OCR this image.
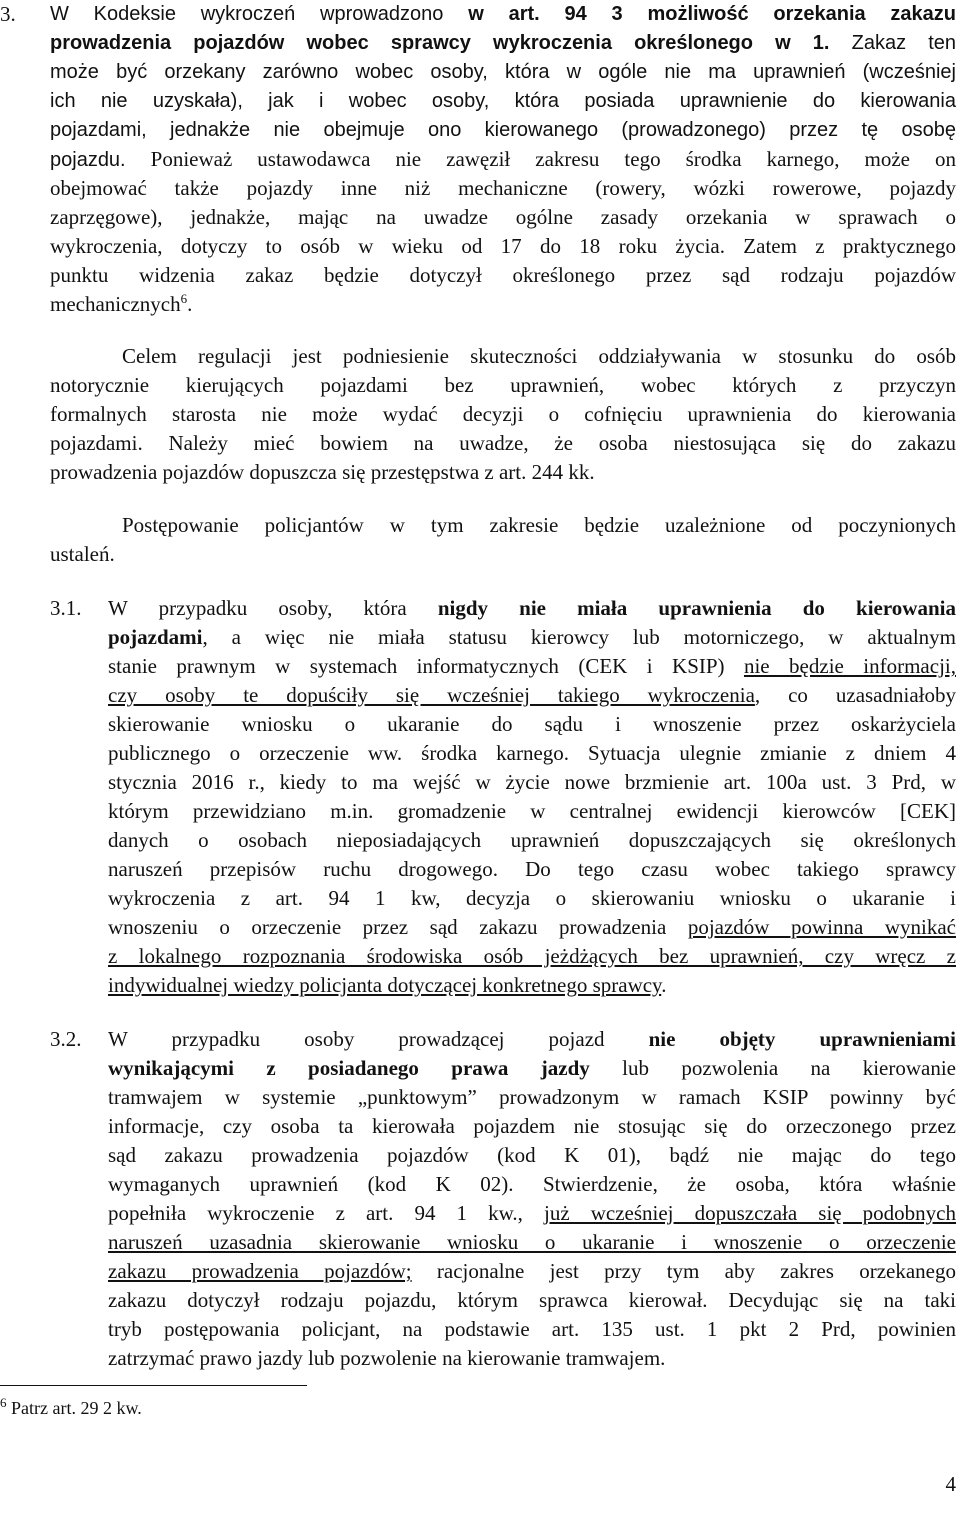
3. W Kodeksie wykroczeń wprowadzono w art. 94 3 możliwość orzekania zakazu
prowadzenia pojazdów wobec sprawcy wykroczenia określonego w 1. Zakaz ten
może być orzekany zarówno wobec osoby, która w ogóle nie ma uprawnień (wcześniej
ich nie uzyskała), jak i wobec osoby, która posiada uprawnienie do kierowania
pojazdami, jednakże nie obejmuje ono kierowanego (prowadzonego) przez tę osobę
pojazdu. Ponieważ ustawodawca nie zawęził zakresu tego środka karnego, może on
obejmować także pojazdy inne niż mechaniczne (rowery, wózki rowerowe, pojazdy
zaprzęgowe), jednakże, mając na uwadze ogólne zasady orzekania w sprawach o
wykroczenia, dotyczy to osób w wieku od 17 do 18 roku życia. Zatem z praktycznego
punktu widzenia zakaz będzie dotyczył określonego przez sąd rodzaju pojazdów
mechanicznych$^6$.
Celem regulacji jest podniesienie skuteczności oddziaływania w stosunku do osób
notorycznie kierujących pojazdami bez uprawnień, wobec których z przyczyn
formalnych starosta nie może wydać decyzji o cofnięciu uprawnienia do kierowania
pojazdami. Należy mieć bowiem na uwadze, że osoba niestosująca się do zakazu
prowadzenia pojazdów dopuszcza się przestępstwa z art. 244 kk.
Postępowanie policjantów w tym zakresie będzie uzależnione od poczynionych
ustaleń.
3.1. W przypadku osoby, która nigdy nie miała uprawnienia do kierowania
pojazdami, a więc nie miała statusu kierowcy lub motorniczego, w aktualnym
stanie prawnym w systemach informatycznych (CEK i KSIP) nie będzie informacji,
czy osoby te dopuściły się wcześniej takiego wykroczenia, co uzasadniałoby
skierowanie wniosku o ukaranie do sądu i wnoszenie przez oskarżyciela
publicznego o orzeczenie ww. środka karnego. Sytuacja ulegnie zmianie z dniem 4
stycznia 2016 r., kiedy to ma wejść w życie nowe brzmienie art. 100a ust. 3 Prd, w
którym przewidziano m.in. gromadzenie w centralnej ewidencji kierowców [CEK]
danych o osobach nieposiadających uprawnień dopuszczających się określonych
naruszeń przepisów ruchu drogowego. Do tego czasu wobec takiego sprawcy
wykroczenia z art. 94 1 kw, decyzja o skierowaniu wniosku o ukaranie i
wnoszeniu o orzeczenie przez sąd zakazu prowadzenia pojazdów powinna wynikać
z lokalnego rozpoznania środowiska osób jeżdżących bez uprawnień, czy wręcz z
indywidualnej wiedzy policjanta dotyczącej konkretnego sprawcy.
3.2. W przypadku osoby prowadzącej pojazd nie objęty uprawnieniami
wynikającymi z posiadanego prawa jazdy lub pozwolenia na kierowanie
tramwajem w systemie „punktowym” prowadzonym w ramach KSIP powinny być
informacje, czy osoba ta kierowała pojazdem nie stosując się do orzeczonego przez
sąd zakazu prowadzenia pojazdów (kod K 01), bądź nie mając do tego
wymaganych uprawnień (kod K 02). Stwierdzenie, że osoba, która właśnie
popełniła wykroczenie z art. 94 1 kw., już wcześniej dopuszczała się podobnych
naruszeń uzasadnia skierowanie wniosku o ukaranie i wnoszenie o orzeczenie
zakazu prowadzenia pojazdów; racjonalne jest przy tym aby zakres orzekanego
zakazu dotyczył rodzaju pojazdu, którym sprawca kierował. Decydując się na taki
tryb postępowania policjant, na podstawie art. 135 ust. 1 pkt 2 Prd, powinien
zatrzymać prawo jazdy lub pozwolenie na kierowanie tramwajem.
$^6$ Patrz art. 29 2 kw.
4
